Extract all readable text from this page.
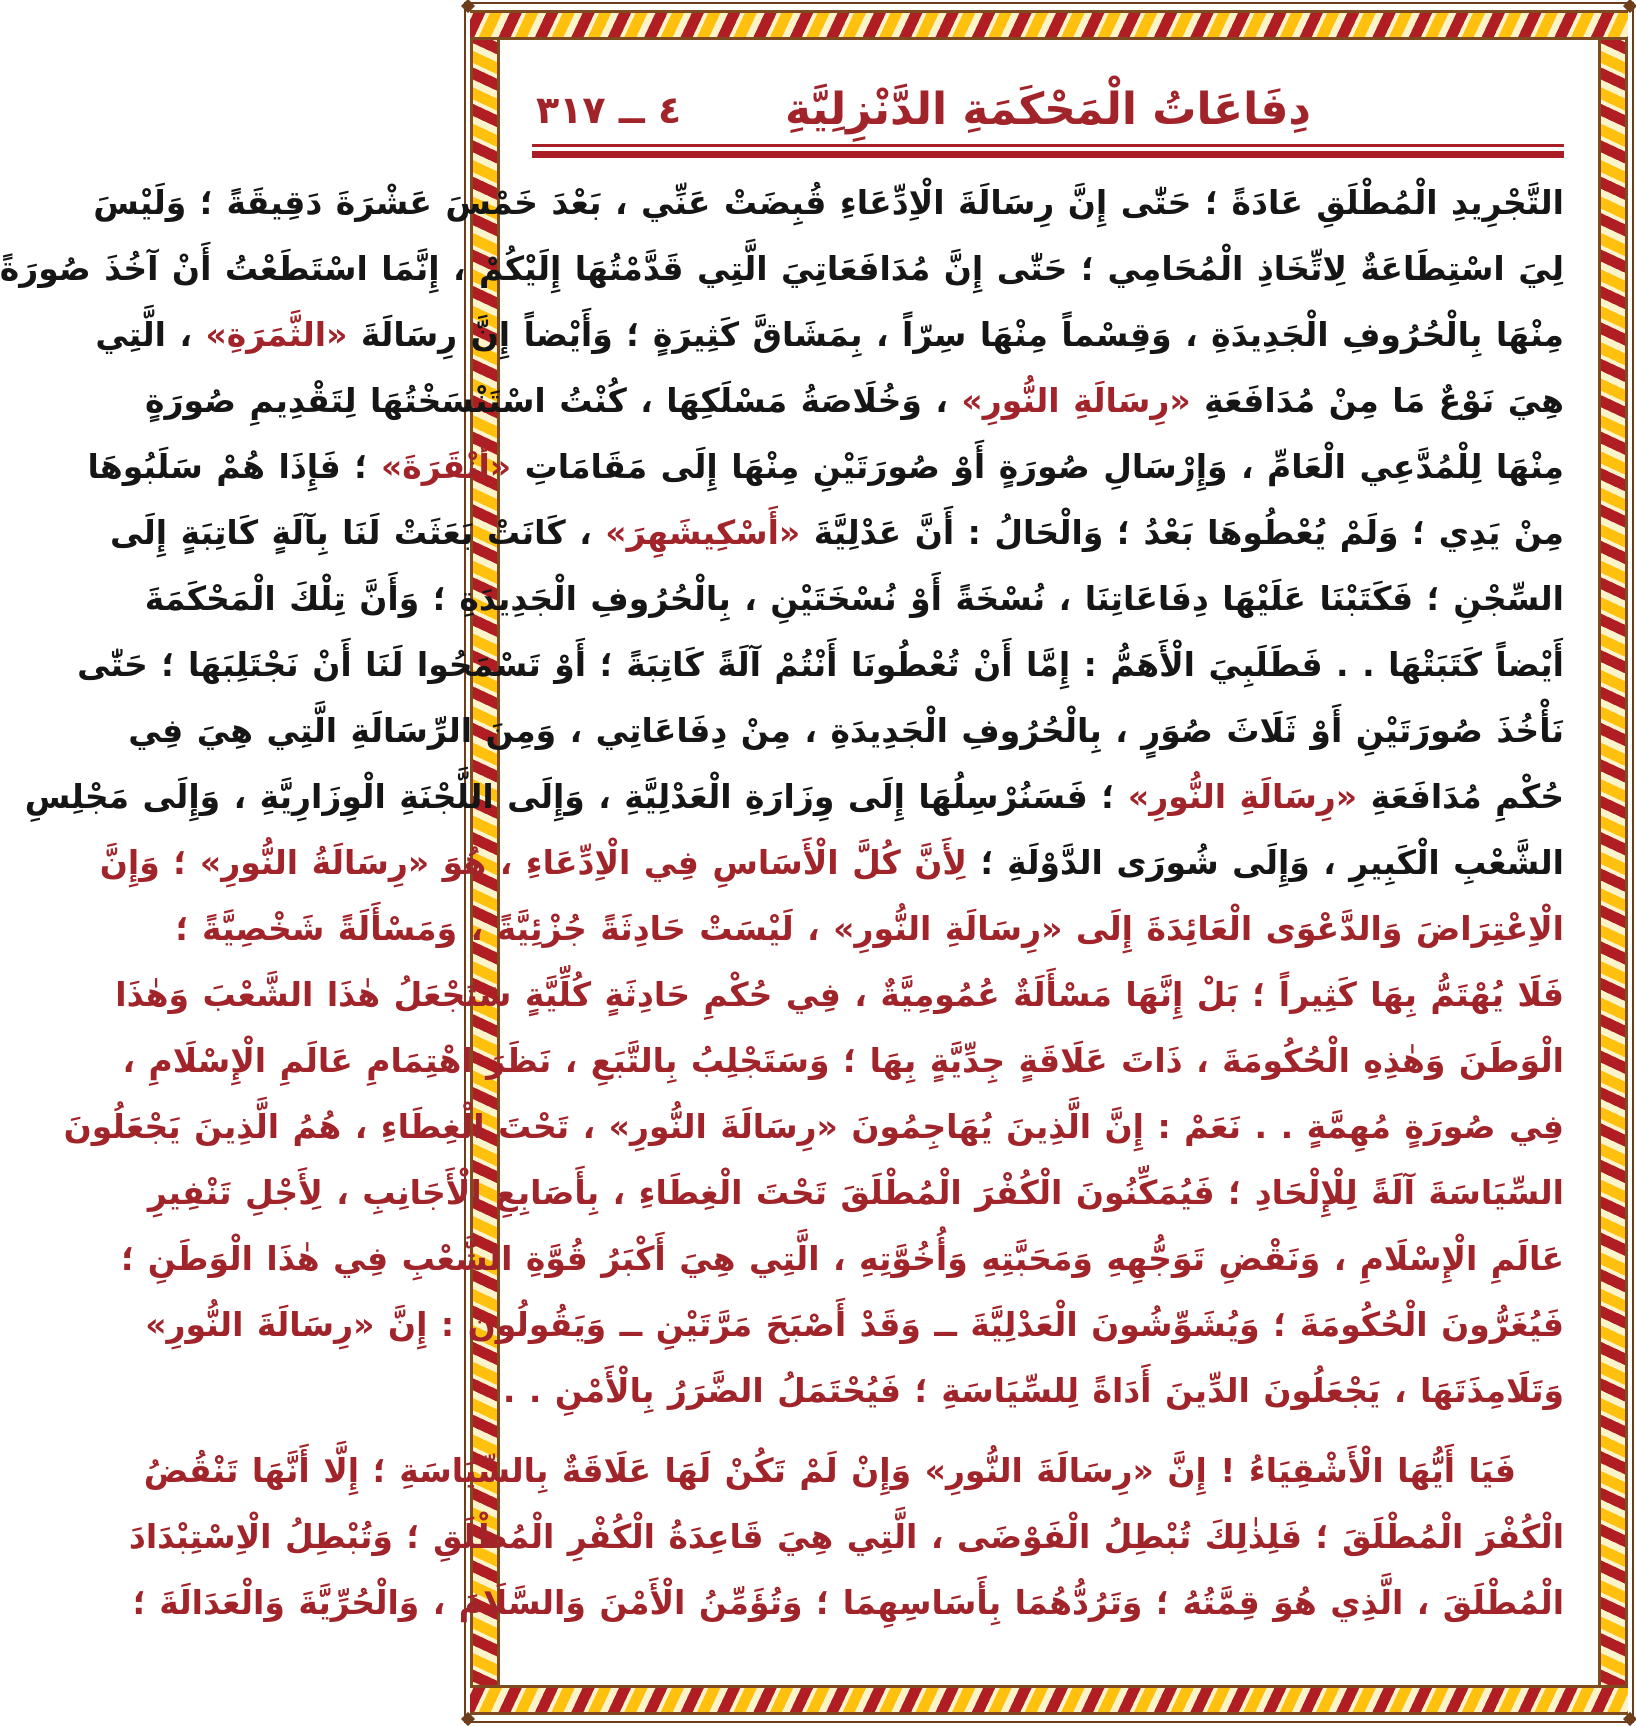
٤ ــ ٣١٧	دِفَاعَاتُ الْمَحْكَمَةِ الدَّنْزِلِيَّةِ
التَّجْرِيدِ الْمُطْلَقِ عَادَةً ؛ حَتّٰى إِنَّ رِسَالَةَ الْاِدِّعَاءِ قُبِضَتْ عَنِّي ، بَعْدَ خَمْسَ عَشْرَةَ دَقِيقَةً ؛ وَلَيْسَ
لِيَ اسْتِطَاعَةٌ لِاتِّخَاذِ الْمُحَامِي ؛ حَتّٰى إِنَّ مُدَافَعَاتِيَ الَّتِي قَدَّمْتُهَا إِلَيْكُمْ ، إِنَّمَا اسْتَطَعْتُ أَنْ آخُذَ صُورَةً
مِنْهَا بِالْحُرُوفِ الْجَدِيدَةِ ، وَقِسْماً مِنْهَا سِرّاً ، بِمَشَاقَّ كَثِيرَةٍ ؛ وَأَيْضاً إِنَّ رِسَالَةَ «الثَّمَرَةِ» ، الَّتِي
هِيَ نَوْعٌ مَا مِنْ مُدَافَعَةِ «رِسَالَةِ النُّورِ» ، وَخُلَاصَةُ مَسْلَكِهَا ، كُنْتُ اسْتَنْسَخْتُهَا لِتَقْدِيمِ صُورَةٍ
مِنْهَا لِلْمُدَّعِي الْعَامِّ ، وَإِرْسَالِ صُورَةٍ أَوْ صُورَتَيْنِ مِنْهَا إِلَى مَقَامَاتِ «أَنْقَرَةَ» ؛ فَإِذَا هُمْ سَلَبُوهَا
مِنْ يَدِي ؛ وَلَمْ يُعْطُوهَا بَعْدُ ؛ وَالْحَالُ : أَنَّ عَدْلِيَّةَ «أَسْكِيشَهِرَ» ، كَانَتْ بَعَثَتْ لَنَا بِآلَةٍ كَاتِبَةٍ إِلَى
السِّجْنِ ؛ فَكَتَبْنَا عَلَيْهَا دِفَاعَاتِنَا ، نُسْخَةً أَوْ نُسْخَتَيْنِ ، بِالْحُرُوفِ الْجَدِيدَةِ ؛ وَأَنَّ تِلْكَ الْمَحْكَمَةَ
أَيْضاً كَتَبَتْهَا . . فَطَلَبِيَ الْأَهَمُّ : إِمَّا أَنْ تُعْطُونَا أَنْتُمْ آلَةً كَاتِبَةً ؛ أَوْ تَسْمَحُوا لَنَا أَنْ نَجْتَلِبَهَا ؛ حَتّٰى
نَأْخُذَ صُورَتَيْنِ أَوْ ثَلَاثَ صُوَرٍ ، بِالْحُرُوفِ الْجَدِيدَةِ ، مِنْ دِفَاعَاتِي ، وَمِنَ الرِّسَالَةِ الَّتِي هِيَ فِي
حُكْمِ مُدَافَعَةِ «رِسَالَةِ النُّورِ» ؛ فَسَنُرْسِلُهَا إِلَى وِزَارَةِ الْعَدْلِيَّةِ ، وَإِلَى اللَّجْنَةِ الْوِزَارِيَّةِ ، وَإِلَى مَجْلِسِ
الشَّعْبِ الْكَبِيرِ ، وَإِلَى شُورَى الدَّوْلَةِ ؛ لِأَنَّ كُلَّ الْأَسَاسِ فِي الْاِدِّعَاءِ ، هُوَ «رِسَالَةُ النُّورِ» ؛ وَإِنَّ
الْاِعْتِرَاضَ وَالدَّعْوَى الْعَائِدَةَ إِلَى «رِسَالَةِ النُّورِ» ، لَيْسَتْ حَادِثَةً جُزْئِيَّةً ، وَمَسْأَلَةً شَخْصِيَّةً ؛
فَلَا يُهْتَمُّ بِهَا كَثِيراً ؛ بَلْ إِنَّهَا مَسْأَلَةٌ عُمُومِيَّةٌ ، فِي حُكْمِ حَادِثَةٍ كُلِّيَّةٍ سَتَجْعَلُ هٰذَا الشَّعْبَ وَهٰذَا
الْوَطَنَ وَهٰذِهِ الْحُكُومَةَ ، ذَاتَ عَلَاقَةٍ جِدِّيَّةٍ بِهَا ؛ وَسَتَجْلِبُ بِالتَّبَعِ ، نَظَرَ اهْتِمَامِ عَالَمِ الْإِسْلَامِ ،
فِي صُورَةٍ مُهِمَّةٍ . . نَعَمْ : إِنَّ الَّذِينَ يُهَاجِمُونَ «رِسَالَةَ النُّورِ» ، تَحْتَ الْغِطَاءِ ، هُمُ الَّذِينَ يَجْعَلُونَ
السِّيَاسَةَ آلَةً لِلْإِلْحَادِ ؛ فَيُمَكِّنُونَ الْكُفْرَ الْمُطْلَقَ تَحْتَ الْغِطَاءِ ، بِأَصَابِعِ الْأَجَانِبِ ، لِأَجْلِ تَنْفِيرِ
عَالَمِ الْإِسْلَامِ ، وَنَقْضِ تَوَجُّهِهِ وَمَحَبَّتِهِ وَأُخُوَّتِهِ ، الَّتِي هِيَ أَكْبَرُ قُوَّةِ الشَّعْبِ فِي هٰذَا الْوَطَنِ ؛
فَيُغَرُّونَ الْحُكُومَةَ ؛ وَيُشَوِّشُونَ الْعَدْلِيَّةَ ــ وَقَدْ أَصْبَحَ مَرَّتَيْنِ ــ وَيَقُولُونَ : إِنَّ «رِسَالَةَ النُّورِ»
وَتَلَامِذَتَهَا ، يَجْعَلُونَ الدِّينَ أَدَاةً لِلسِّيَاسَةِ ؛ فَيُحْتَمَلُ الضَّرَرُ بِالْأَمْنِ . .
فَيَا أَيُّهَا الْأَشْقِيَاءُ ! إِنَّ «رِسَالَةَ النُّورِ» وَإِنْ لَمْ تَكُنْ لَهَا عَلَاقَةٌ بِالسِّيَاسَةِ ؛ إِلَّا أَنَّهَا تَنْقُضُ
الْكُفْرَ الْمُطْلَقَ ؛ فَلِذٰلِكَ تُبْطِلُ الْفَوْضَى ، الَّتِي هِيَ قَاعِدَةُ الْكُفْرِ الْمُطْلَقِ ؛ وَتُبْطِلُ الْاِسْتِبْدَادَ
الْمُطْلَقَ ، الَّذِي هُوَ قِمَّتُهُ ؛ وَتَرُدُّهُمَا بِأَسَاسِهِمَا ؛ وَتُؤَمِّنُ الْأَمْنَ وَالسَّلَامَ ، وَالْحُرِّيَّةَ وَالْعَدَالَةَ ؛
